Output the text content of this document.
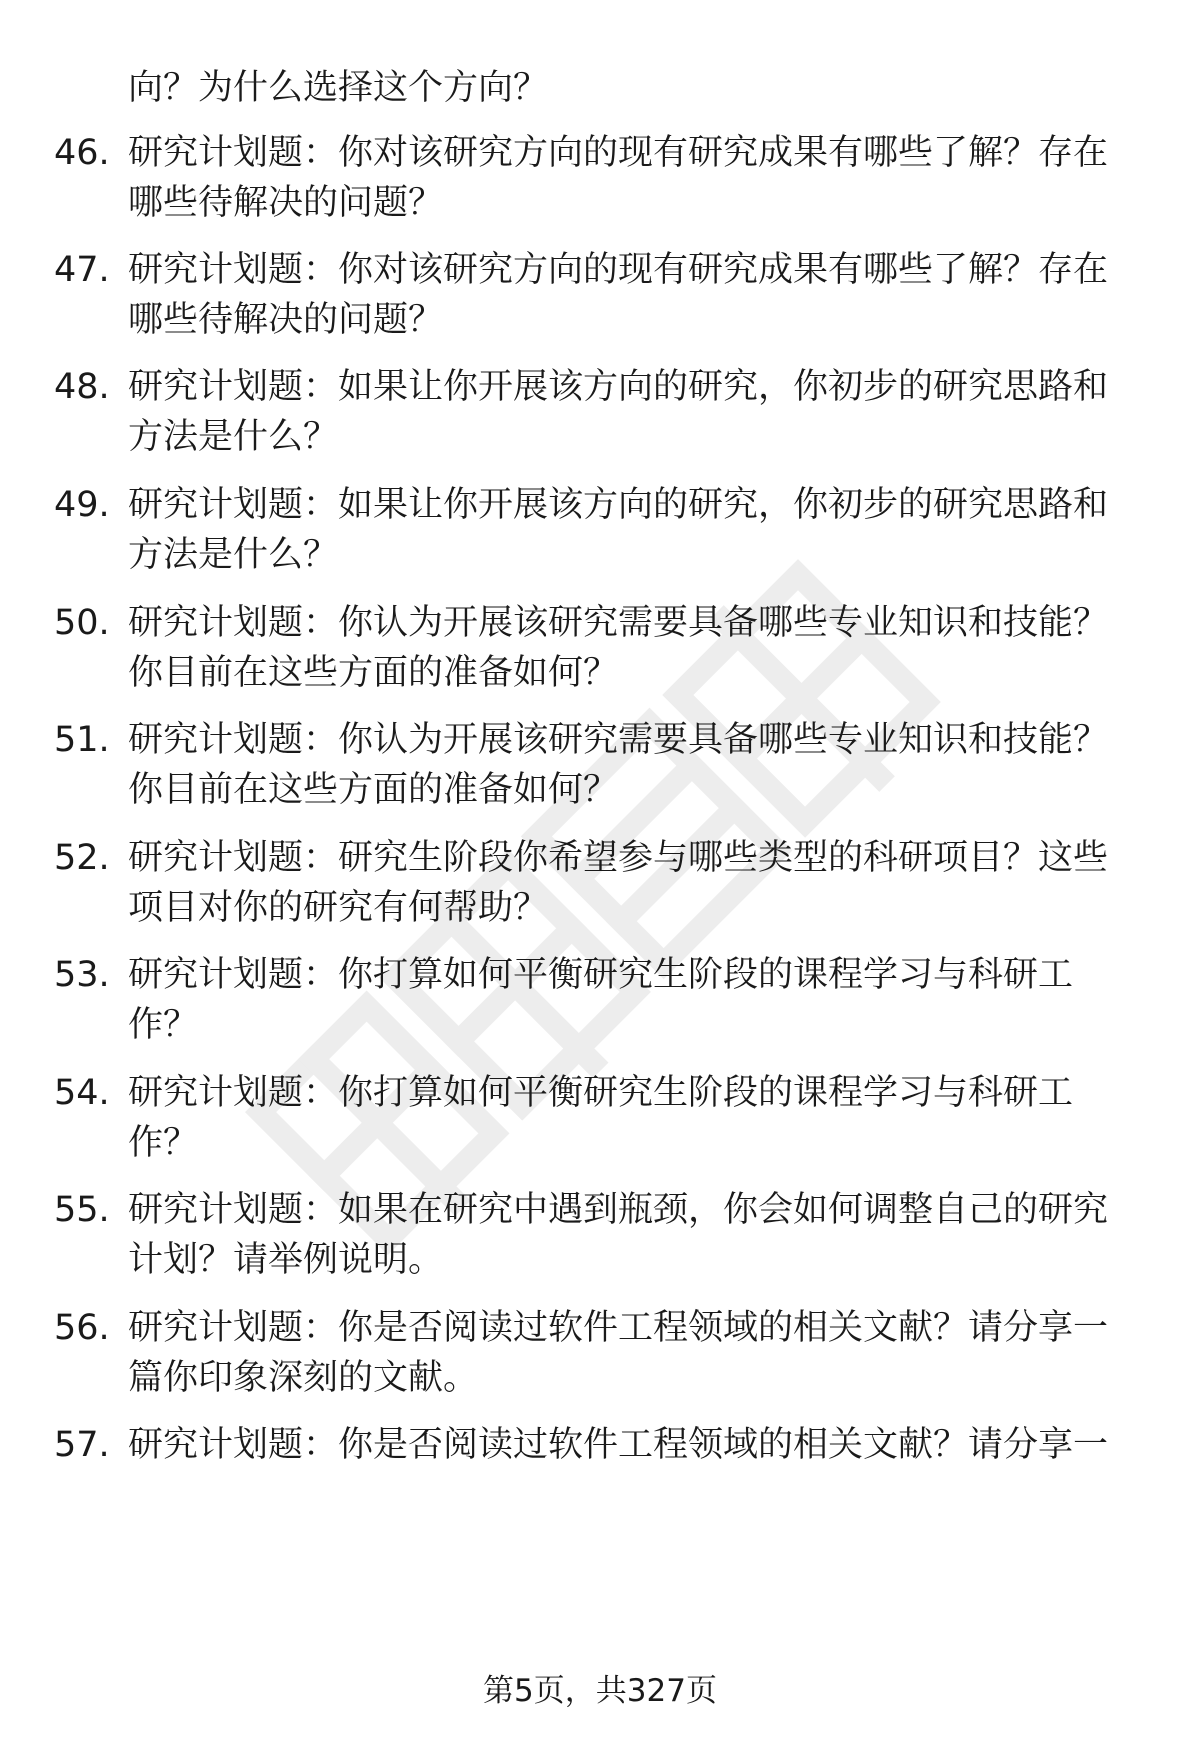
向？为什么选择这个方向？
46. 研究计划题：你对该研究方向的现有研究成果有哪些了解？存在
哪些待解决的问题？
47. 研究计划题：你对该研究方向的现有研究成果有哪些了解？存在
哪些待解决的问题？
48. 研究计划题：如果让你开展该方向的研究，你初步的研究思路和
方法是什么？
49. 研究计划题：如果让你开展该方向的研究，你初步的研究思路和
方法是什么？
50. 研究计划题：你认为开展该研究需要具备哪些专业知识和技能？
你目前在这些方面的准备如何？
51. 研究计划题：你认为开展该研究需要具备哪些专业知识和技能？
你目前在这些方面的准备如何？
52. 研究计划题：研究生阶段你希望参与哪些类型的科研项目？这些
项目对你的研究有何帮助？
53. 研究计划题：你打算如何平衡研究生阶段的课程学习与科研工
作？
54. 研究计划题：你打算如何平衡研究生阶段的课程学习与科研工
作？
55. 研究计划题：如果在研究中遇到瓶颈，你会如何调整自己的研究
计划？请举例说明。
56. 研究计划题：你是否阅读过软件工程领域的相关文献？请分享一
篇你印象深刻的文献。
57. 研究计划题：你是否阅读过软件工程领域的相关文献？请分享一
第5页，共327页
